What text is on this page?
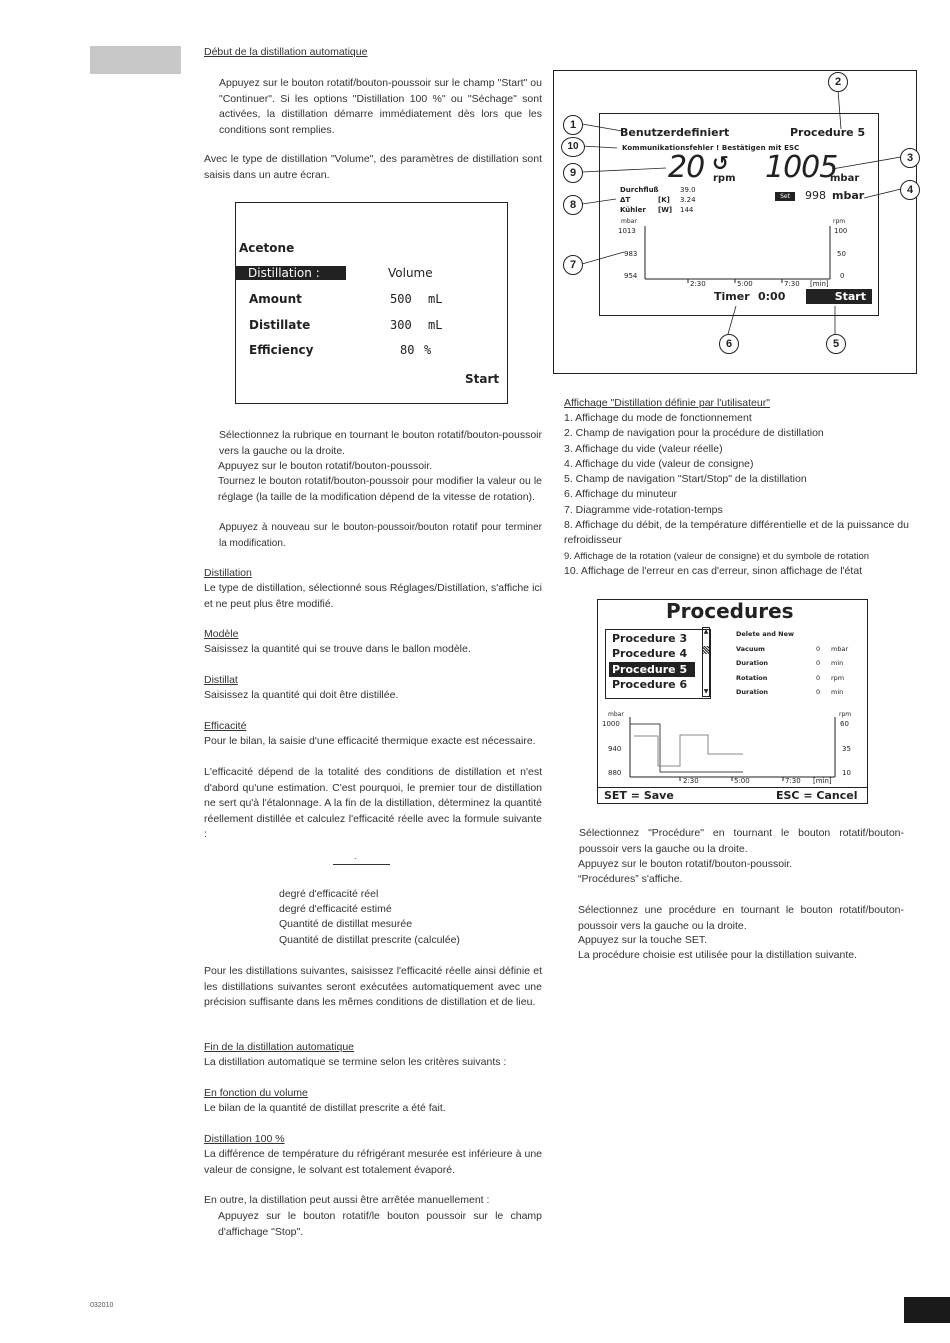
Début de la distillation automatique
Appuyez sur le bouton rotatif/bouton-poussoir sur le champ "Start" ou "Continuer". Si les options "Distillation 100 %" ou "Séchage" sont activées, la distillation démarre immédiatement dès lors que les conditions sont remplies.
Avec le type de distillation "Volume", des paramètres de distillation sont saisis dans un autre écran.
Acetone
Distillation :	Volume
Amount	500 mL
Distillate	300 mL
Efficiency	80 %
Start
Sélectionnez la rubrique en tournant le bouton rotatif/bouton-poussoir vers la gauche ou la droite.
Appuyez sur le bouton rotatif/bouton-poussoir.
Tournez le bouton rotatif/bouton-poussoir pour modifier la valeur ou le réglage (la taille de la modification dépend de la vitesse de rotation).
Appuyez à nouveau sur le bouton-poussoir/bouton rotatif pour terminer la modification.
Distillation
Le type de distillation, sélectionné sous Réglages/Distillation, s'affiche ici et ne peut plus être modifié.
Modèle
Saisissez la quantité qui se trouve dans le ballon modèle.
Distillat
Saisissez la quantité qui doit être distillée.
Efficacité
Pour le bilan, la saisie d'une efficacité thermique exacte est nécessaire.
L'efficacité dépend de la totalité des conditions de distillation et n'est d'abord qu'une estimation. C'est pourquoi, le premier tour de distillation ne sert qu'à l'étalonnage. A la fin de la distillation, déterminez la quantité réellement distillée et calculez l'efficacité réelle avec la formule suivante :
.
degré d'efficacité réel
degré d'efficacité estimé
Quantité de distillat mesurée
Quantité de distillat prescrite (calculée)
Pour les distillations suivantes, saisissez l'efficacité réelle ainsi définie et les distillations suivantes seront exécutées automatiquement avec une précision suffisante dans les mêmes conditions de distillation et de lieu.
Fin de la distillation automatique
La distillation automatique se termine selon les critères suivants :
En fonction du volume
Le bilan de la quantité de distillat prescrite a été fait.
Distillation 100 %
La différence de température du réfrigérant mesurée est inférieure à une valeur de consigne, le solvant est totalement évaporé.
En outre, la distillation peut aussi être arrêtée manuellement :
Appuyez sur le bouton rotatif/le bouton poussoir sur le champ d'affichage "Stop".
032010
Benutzerdefiniert	Procedure 5
Kommunikationsfehler ! Bestätigen mit ESC
20 ↺
rpm 1005
mbar
Durchfluß	39.0
ΔT	[K] 3.24
Kühler [W] 144
Set	998 mbar
mbar
1013
983
954
rpm
100
50
0
2:30	5:00	7:30 [min]
Timer 0:00	Start
1
2
3
4
5
6
7
8
9
10
Affichage "Distillation définie par l'utilisateur"
1. Affichage du mode de fonctionnement
2. Champ de navigation pour la procédure de distillation
3. Affichage du vide (valeur réelle)
4. Affichage du vide (valeur de consigne)
5. Champ de navigation "Start/Stop" de la distillation
6. Affichage du minuteur
7. Diagramme vide-rotation-temps
8. Affichage du débit, de la température différentielle et de la puissance du refroidisseur
9. Affichage de la rotation (valeur de consigne) et du symbole de rotation
10. Affichage de l'erreur en cas d'erreur, sinon affichage de l'état
Procedures
Procedure 3
Procedure 4
Procedure 5
Procedure 6
▲
▼
Delete and New
Vacuum	0 mbar
Duration	0 min
Rotation	0 rpm
Duration	0 min
mbar
1000
940
880
rpm
60
35
10
2:30	5:00	7:30 [min]
SET = Save	ESC = Cancel
Sélectionnez "Procédure" en tournant le bouton rotatif/bouton-poussoir vers la gauche ou la droite.
Appuyez sur le bouton rotatif/bouton-poussoir.
“Procédures” s'affiche.
Sélectionnez une procédure en tournant le bouton rotatif/bouton-poussoir vers la gauche ou la droite.
Appuyez sur la touche SET.
La procédure choisie est utilisée pour la distillation suivante.
